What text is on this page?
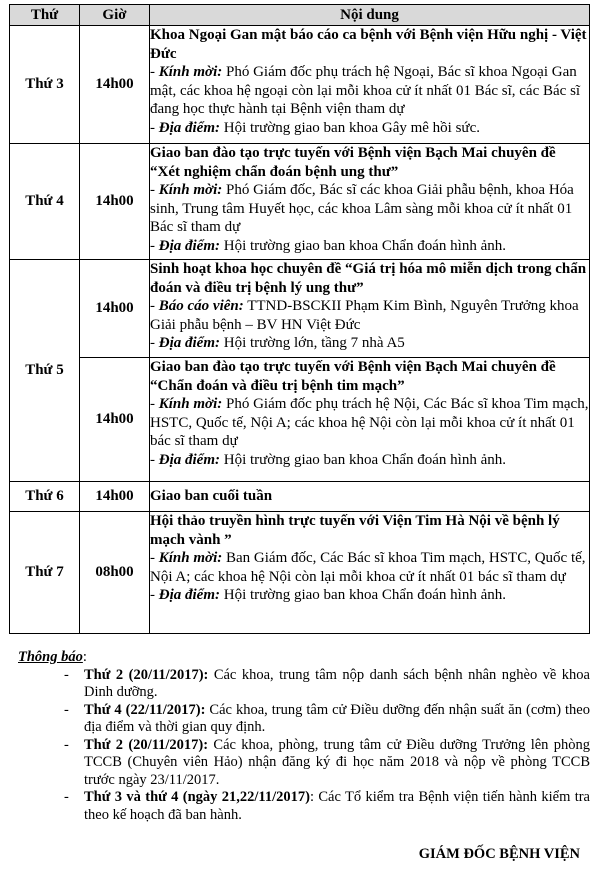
Thứ	Giờ	Nội dung
Thứ 3	14h00	Khoa Ngoại Gan mật báo cáo ca bệnh với Bệnh viện Hữu nghị - Việt Đức
- Kính mời: Phó Giám đốc phụ trách hệ Ngoại, Bác sĩ khoa Ngoại Gan mật, các khoa hệ ngoại còn lại mỗi khoa cử ít nhất 01 Bác sĩ, các Bác sĩ đang học thực hành tại Bệnh viện tham dự
- Địa điểm: Hội trường giao ban khoa Gây mê hồi sức.

Thứ 4	14h00	Giao ban đào tạo trực tuyến với Bệnh viện Bạch Mai chuyên đề “Xét nghiệm chẩn đoán bệnh ung thư”
- Kính mời: Phó Giám đốc, Bác sĩ các khoa Giải phẫu bệnh, khoa Hóa sinh, Trung tâm Huyết học, các khoa Lâm sàng mỗi khoa cử ít nhất 01 Bác sĩ tham dự
- Địa điểm: Hội trường giao ban khoa Chẩn đoán hình ảnh.

Thứ 5	14h00	Sinh hoạt khoa học chuyên đề “Giá trị hóa mô miễn dịch trong chẩn đoán và điều trị bệnh lý ung thư”
- Báo cáo viên: TTND-BSCKII Phạm Kim Bình, Nguyên Trưởng khoa Giải phẫu bệnh – BV HN Việt Đức
- Địa điểm: Hội trường lớn, tầng 7 nhà A5

	14h00	Giao ban đào tạo trực tuyến với Bệnh viện Bạch Mai chuyên đề “Chẩn đoán và điều trị bệnh tim mạch”
- Kính mời: Phó Giám đốc phụ trách hệ Nội, Các Bác sĩ khoa Tim mạch, HSTC, Quốc tế, Nội A; các khoa hệ Nội còn lại mỗi khoa cử ít nhất 01 bác sĩ tham dự
- Địa điểm: Hội trường giao ban khoa Chẩn đoán hình ảnh.

Thứ 6	14h00	Giao ban cuối tuần

Thứ 7	08h00	Hội thảo truyền hình trực tuyến với Viện Tim Hà Nội về bệnh lý mạch vành ”
- Kính mời: Ban Giám đốc, Các Bác sĩ khoa Tim mạch, HSTC, Quốc tế, Nội A; các khoa hệ Nội còn lại mỗi khoa cử ít nhất 01 bác sĩ tham dự
- Địa điểm: Hội trường giao ban khoa Chẩn đoán hình ảnh.
Thông báo:
- Thứ 2 (20/11/2017): Các khoa, trung tâm nộp danh sách bệnh nhân nghèo về khoa Dinh dưỡng.
- Thứ 4 (22/11/2017): Các khoa, trung tâm cử Điều dưỡng đến nhận suất ăn (cơm) theo địa điểm và thời gian quy định.
- Thứ 2 (20/11/2017): Các khoa, phòng, trung tâm cử Điều dưỡng Trưởng lên phòng TCCB (Chuyên viên Hảo) nhận đăng ký đi học năm 2018 và nộp về phòng TCCB trước ngày 23/11/2017.
- Thứ 3 và thứ 4 (ngày 21,22/11/2017): Các Tổ kiểm tra Bệnh viện tiến hành kiểm tra theo kế hoạch đã ban hành.
GIÁM ĐỐC BỆNH VIỆN
